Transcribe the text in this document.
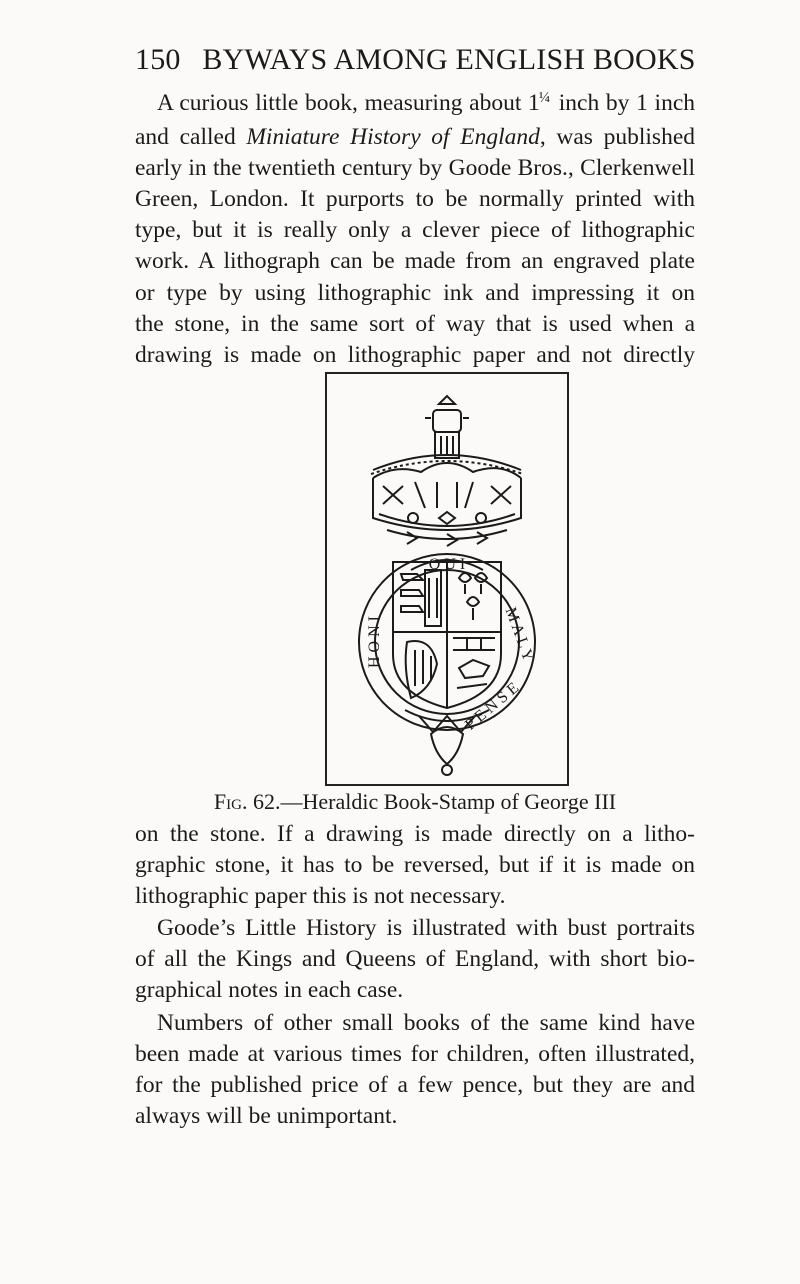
150 BYWAYS AMONG ENGLISH BOOKS
A curious little book, measuring about $1^{\frac{1}{4}}$ inch by 1 inch
and called Miniature History of England, was published
early in the twentieth century by Goode Bros., Clerkenwell
Green, London. It purports to be normally printed with
type, but it is really only a clever piece of lithographic
work. A lithograph can be made from an engraved plate
or type by using lithographic ink and impressing it on
the stone, in the same sort of way that is used when a
drawing is made on lithographic paper and not directly
Q U I
H O N I	M A L Y
P E N S E
Fig. 62.—Heraldic Book-Stamp of George III
on the stone. If a drawing is made directly on a litho-
graphic stone, it has to be reversed, but if it is made on
lithographic paper this is not necessary.
Goode’s Little History is illustrated with bust portraits
of all the Kings and Queens of England, with short bio-
graphical notes in each case.
Numbers of other small books of the same kind have
been made at various times for children, often illustrated,
for the published price of a few pence, but they are and
always will be unimportant.
